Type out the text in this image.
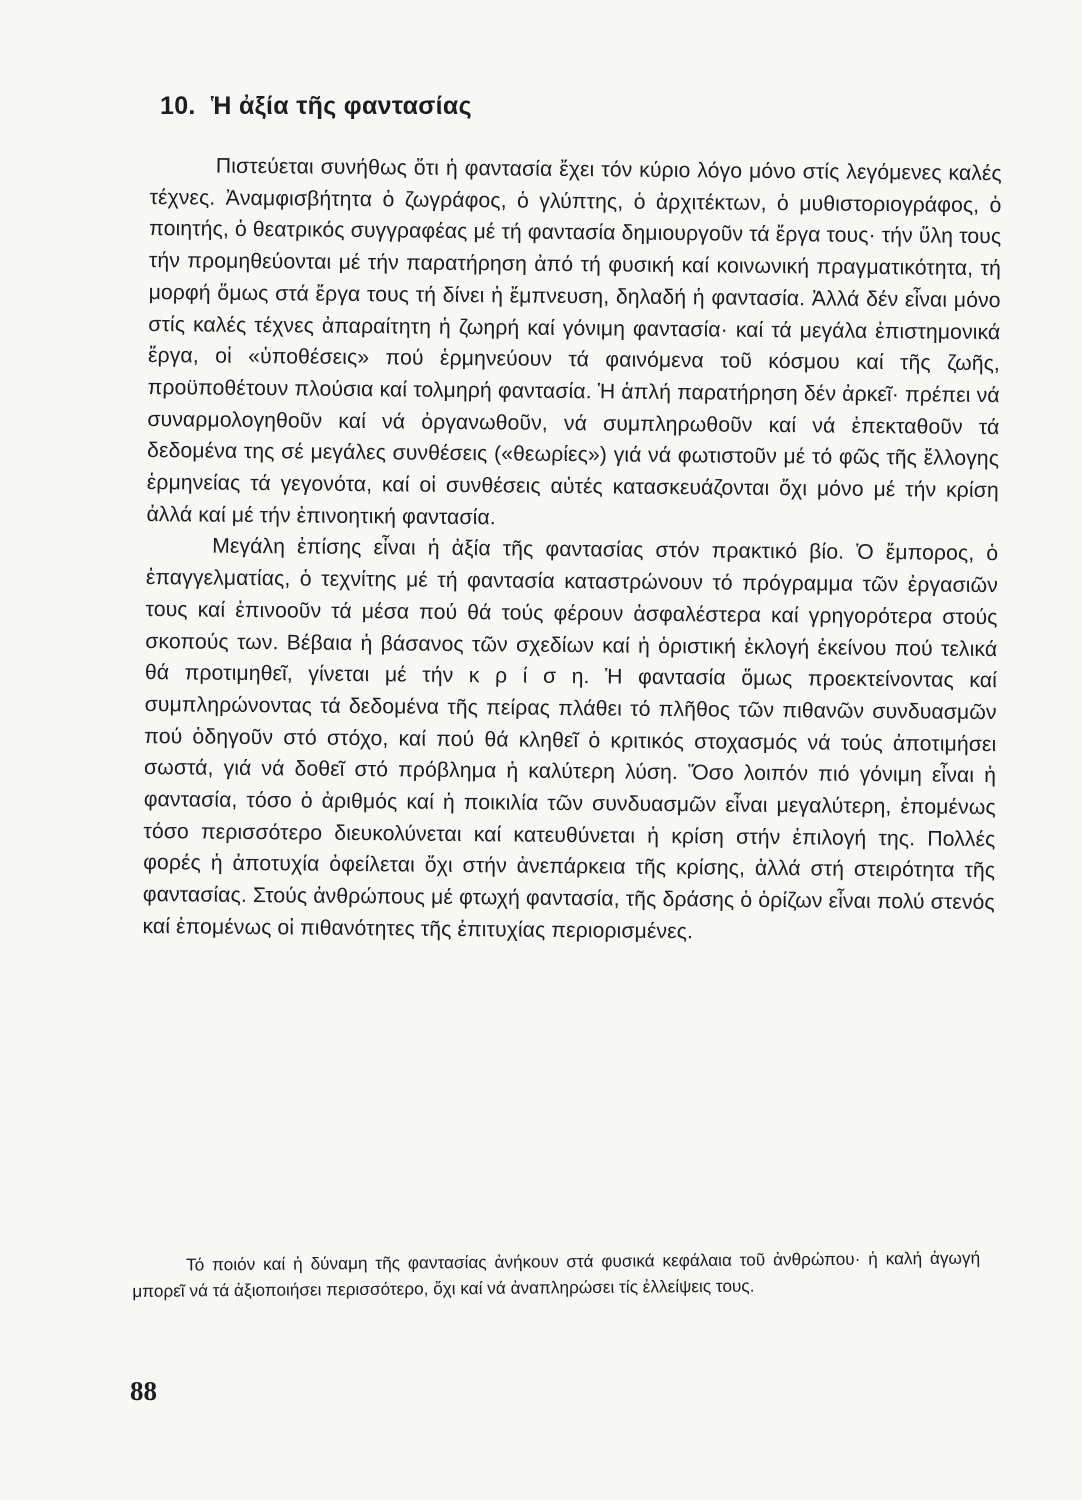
10. Ἡ ἀξία τῆς φαντασίας

Πιστεύεται συνήθως ὅτι ἡ φαντασία ἔχει τόν κύριο λόγο μόνο στίς λεγόμενες καλές τέχνες. Ἀναμφισβήτητα ὁ ζωγράφος, ὁ γλύπτης, ὁ ἀρχιτέκτων, ὁ μυθιστοριογράφος, ὁ ποιητής, ὁ θεατρικός συγγραφέας μέ τή φαντασία δημιουργοῦν τά ἔργα τους· τήν ὕλη τους τήν προμηθεύονται μέ τήν παρατήρηση ἀπό τή φυσική καί κοινωνική πραγματικότητα, τή μορφή ὅμως στά ἔργα τους τή δίνει ἡ ἔμπνευση, δηλαδή ἡ φαντασία. Ἀλλά δέν εἶναι μόνο στίς καλές τέχνες ἀπαραίτητη ἡ ζωηρή καί γόνιμη φαντασία· καί τά μεγάλα ἐπιστημονικά ἔργα, οἱ «ὑποθέσεις» πού ἑρμηνεύουν τά φαινόμενα τοῦ κόσμου καί τῆς ζωῆς, προϋποθέτουν πλούσια καί τολμηρή φαντασία. Ἡ ἁπλή παρατήρηση δέν ἀρκεῖ· πρέπει νά συναρμολογηθοῦν καί νά ὀργανωθοῦν, νά συμπληρωθοῦν καί νά ἐπεκταθοῦν τά δεδομένα της σέ μεγάλες συνθέσεις («θεωρίες») γιά νά φωτιστοῦν μέ τό φῶς τῆς ἔλλογης ἑρμηνείας τά γεγονότα, καί οἱ συνθέσεις αὐτές κατασκευάζονται ὄχι μόνο μέ τήν κρίση ἀλλά καί μέ τήν ἐπινοητική φαντασία.

Μεγάλη ἐπίσης εἶναι ἡ ἀξία τῆς φαντασίας στόν πρακτικό βίο. Ὁ ἔμπορος, ὁ ἐπαγγελματίας, ὁ τεχνίτης μέ τή φαντασία καταστρώνουν τό πρόγραμμα τῶν ἐργασιῶν τους καί ἐπινοοῦν τά μέσα πού θά τούς φέρουν ἀσφαλέστερα καί γρηγορότερα στούς σκοπούς των. Βέβαια ἡ βάσανος τῶν σχεδίων καί ἡ ὁριστική ἐκλογή ἐκείνου πού τελικά θά προτιμηθεῖ, γίνεται μέ τήν κ ρ ί σ η. Ἡ φαντασία ὅμως προεκτείνοντας καί συμπληρώνοντας τά δεδομένα τῆς πείρας πλάθει τό πλῆθος τῶν πιθανῶν συνδυασμῶν πού ὁδηγοῦν στό στόχο, καί πού θά κληθεῖ ὁ κριτικός στοχασμός νά τούς ἀποτιμήσει σωστά, γιά νά δοθεῖ στό πρόβλημα ἡ καλύτερη λύση. Ὅσο λοιπόν πιό γόνιμη εἶναι ἡ φαντασία, τόσο ὁ ἀριθμός καί ἡ ποικιλία τῶν συνδυασμῶν εἶναι μεγαλύτερη, ἐπομένως τόσο περισσότερο διευκολύνεται καί κατευθύνεται ἡ κρίση στήν ἐπιλογή της. Πολλές φορές ἡ ἀποτυχία ὀφείλεται ὄχι στήν ἀνεπάρκεια τῆς κρίσης, ἀλλά στή στειρότητα τῆς φαντασίας. Στούς ἀνθρώπους μέ φτωχή φαντασία, τῆς δράσης ὁ ὁρίζων εἶναι πολύ στενός καί ἐπομένως οἱ πιθανότητες τῆς ἐπιτυχίας περιορισμένες.

Τό ποιόν καί ἡ δύναμη τῆς φαντασίας ἀνήκουν στά φυσικά κεφάλαια τοῦ ἀνθρώπου· ἡ καλή ἀγωγή μπορεῖ νά τά ἀξιοποιήσει περισσότερο, ὄχι καί νά ἀναπληρώσει τίς ἐλλείψεις τους.

88
